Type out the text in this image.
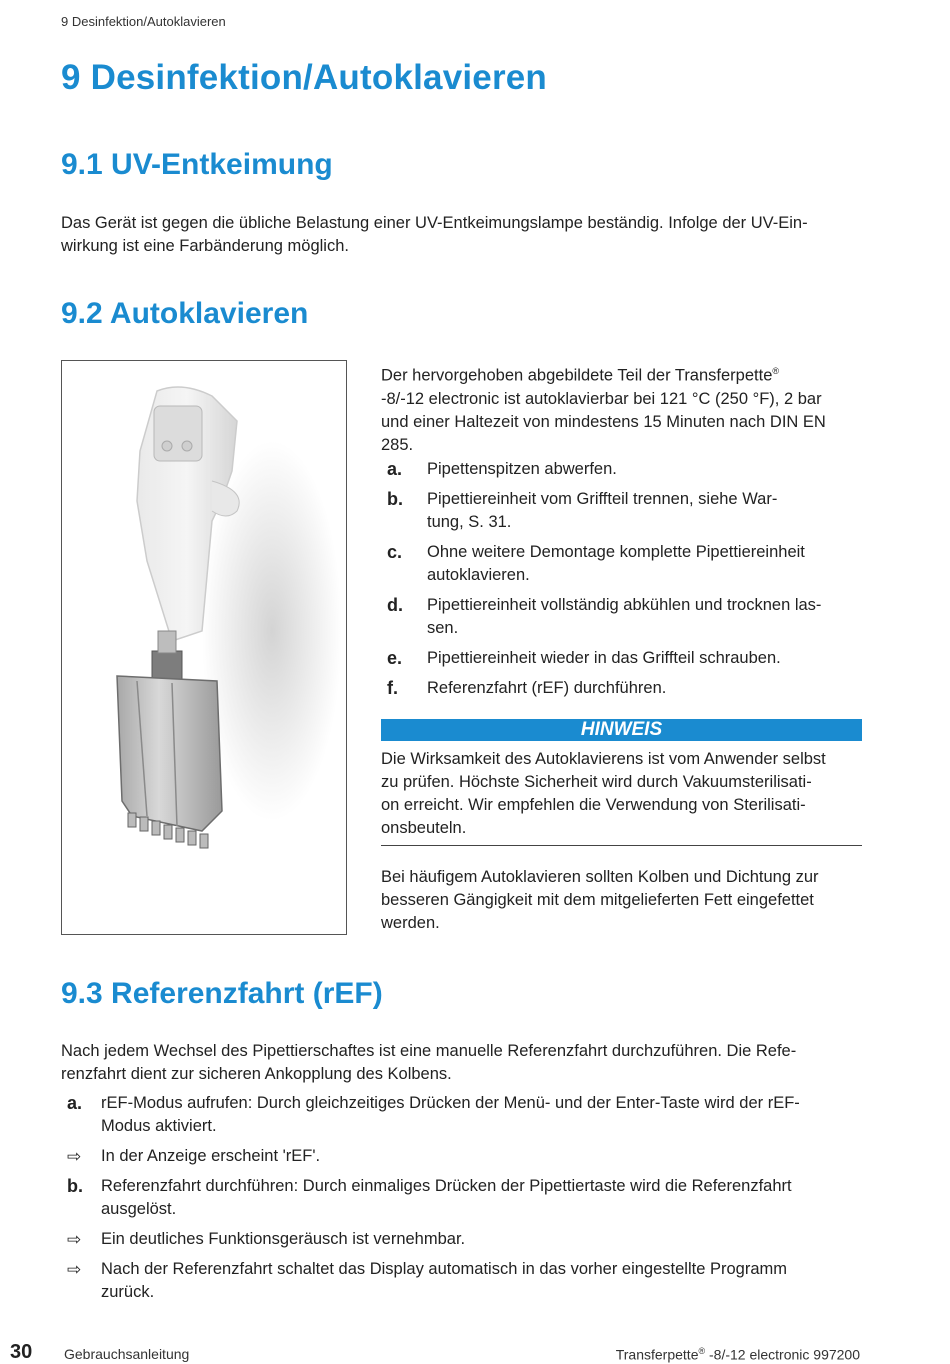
9 Desinfektion/Autoklavieren
9 Desinfektion/Autoklavieren
9.1 UV-Entkeimung
Das Gerät ist gegen die übliche Belastung einer UV-Entkeimungslampe beständig. Infolge der UV-Ein-
wirkung ist eine Farbänderung möglich.
9.2 Autoklavieren
Der hervorgehoben abgebildete Teil der Transferpette®
-8/-12 electronic ist autoklavierbar bei 121 °C (250 °F), 2 bar
und einer Haltezeit von mindestens 15 Minuten nach DIN EN
285.
a.	Pipettenspitzen abwerfen.
b.	Pipettiereinheit vom Griffteil trennen, siehe War-
tung, S. 31.
c.	Ohne weitere Demontage komplette Pipettiereinheit
autoklavieren.
d.	Pipettiereinheit vollständig abkühlen und trocknen las-
sen.
e.	Pipettiereinheit wieder in das Griffteil schrauben.
f.	Referenzfahrt (rEF) durchführen.
HINWEIS
Die Wirksamkeit des Autoklavierens ist vom Anwender selbst
zu prüfen. Höchste Sicherheit wird durch Vakuumsterilisati-
on erreicht. Wir empfehlen die Verwendung von Sterilisati-
onsbeuteln.
Bei häufigem Autoklavieren sollten Kolben und Dichtung zur
besseren Gängigkeit mit dem mitgelieferten Fett eingefettet
werden.
9.3 Referenzfahrt (rEF)
Nach jedem Wechsel des Pipettierschaftes ist eine manuelle Referenzfahrt durchzuführen. Die Refe-
renzfahrt dient zur sicheren Ankopplung des Kolbens.
a.	rEF-Modus aufrufen: Durch gleichzeitiges Drücken der Menü- und der Enter-Taste wird der rEF-
Modus aktiviert.
⇨	In der Anzeige erscheint 'rEF'.
b.	Referenzfahrt durchführen: Durch einmaliges Drücken der Pipettiertaste wird die Referenzfahrt
ausgelöst.
⇨	Ein deutliches Funktionsgeräusch ist vernehmbar.
⇨	Nach der Referenzfahrt schaltet das Display automatisch in das vorher eingestellte Programm
zurück.
30 Gebrauchsanleitung	Transferpette® -8/-12 electronic 997200
